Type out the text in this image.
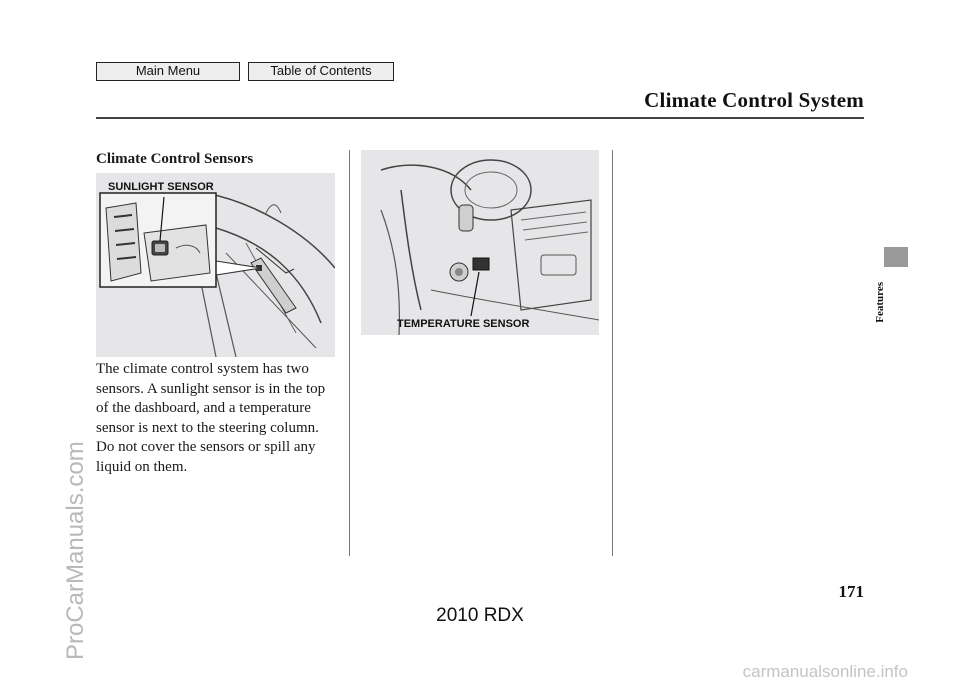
Main Menu	Table of Contents
Climate Control System
Climate Control Sensors
SUNLIGHT SENSOR
TEMPERATURE SENSOR
The climate control system has two sensors. A sunlight sensor is in the top of the dashboard, and a temperature sensor is next to the steering column. Do not cover the sensors or spill any liquid on them.
Features
ProCarManuals.com	171
2010 RDX
carmanualsonline.info
